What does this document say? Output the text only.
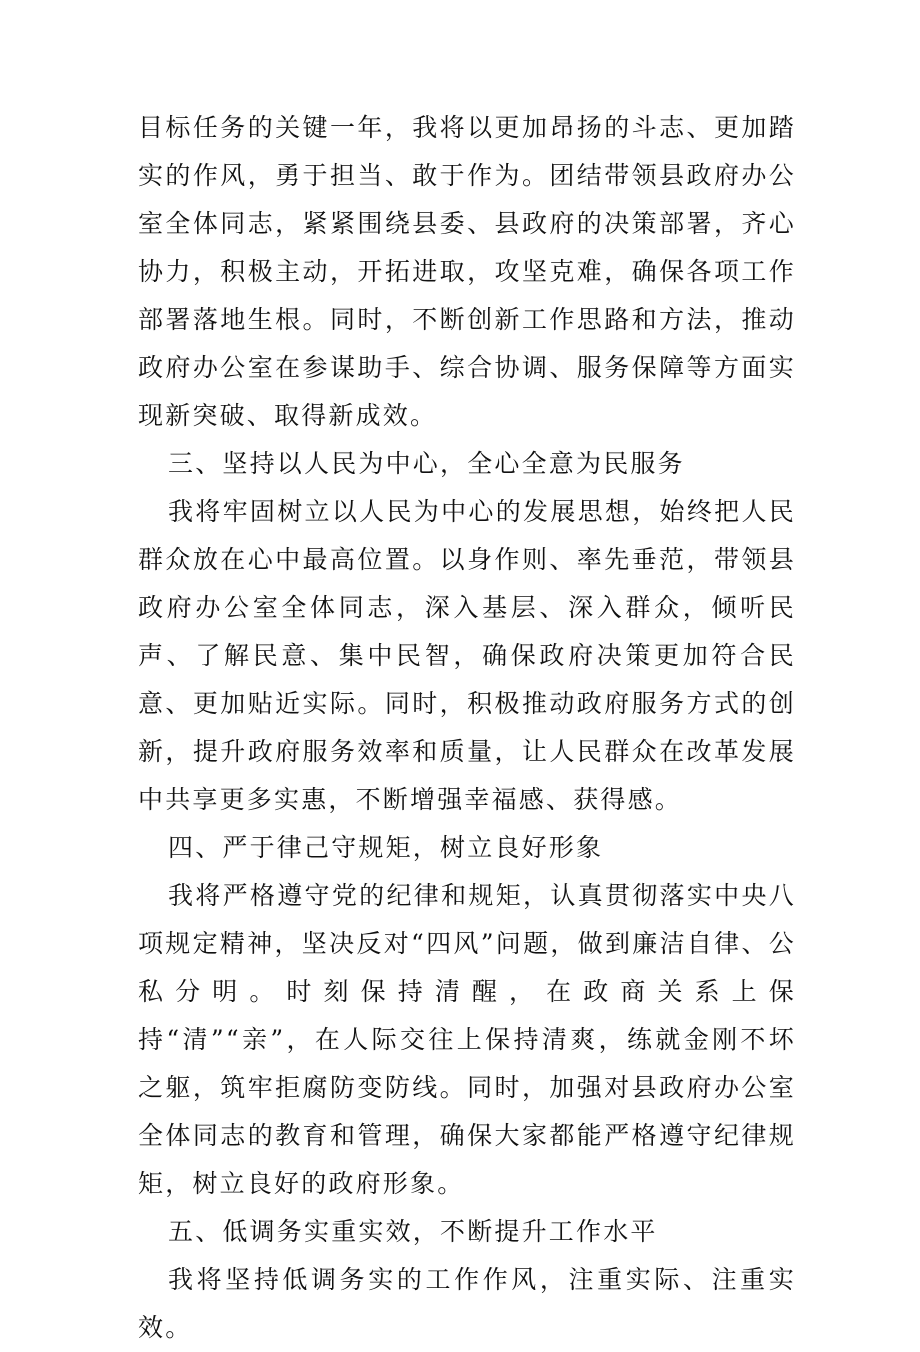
目标任务的关键一年，我将以更加昂扬的斗志、更加踏实的作风，勇于担当、敢于作为。团结带领县政府办公室全体同志，紧紧围绕县委、县政府的决策部署，齐心协力，积极主动，开拓进取，攻坚克难，确保各项工作部署落地生根。同时，不断创新工作思路和方法，推动政府办公室在参谋助手、综合协调、服务保障等方面实现新突破、取得新成效。

三、坚持以人民为中心，全心全意为民服务

我将牢固树立以人民为中心的发展思想，始终把人民群众放在心中最高位置。以身作则、率先垂范，带领县政府办公室全体同志，深入基层、深入群众，倾听民声、了解民意、集中民智，确保政府决策更加符合民意、更加贴近实际。同时，积极推动政府服务方式的创新，提升政府服务效率和质量，让人民群众在改革发展中共享更多实惠，不断增强幸福感、获得感。

四、严于律己守规矩，树立良好形象

我将严格遵守党的纪律和规矩，认真贯彻落实中央八项规定精神，坚决反对“四风”问题，做到廉洁自律、公私分明。时刻保持清醒，在政商关系上保持“清”“亲”，在人际交往上保持清爽，练就金刚不坏之躯，筑牢拒腐防变防线。同时，加强对县政府办公室全体同志的教育和管理，确保大家都能严格遵守纪律规矩，树立良好的政府形象。

五、低调务实重实效，不断提升工作水平

我将坚持低调务实的工作作风，注重实际、注重实效。
